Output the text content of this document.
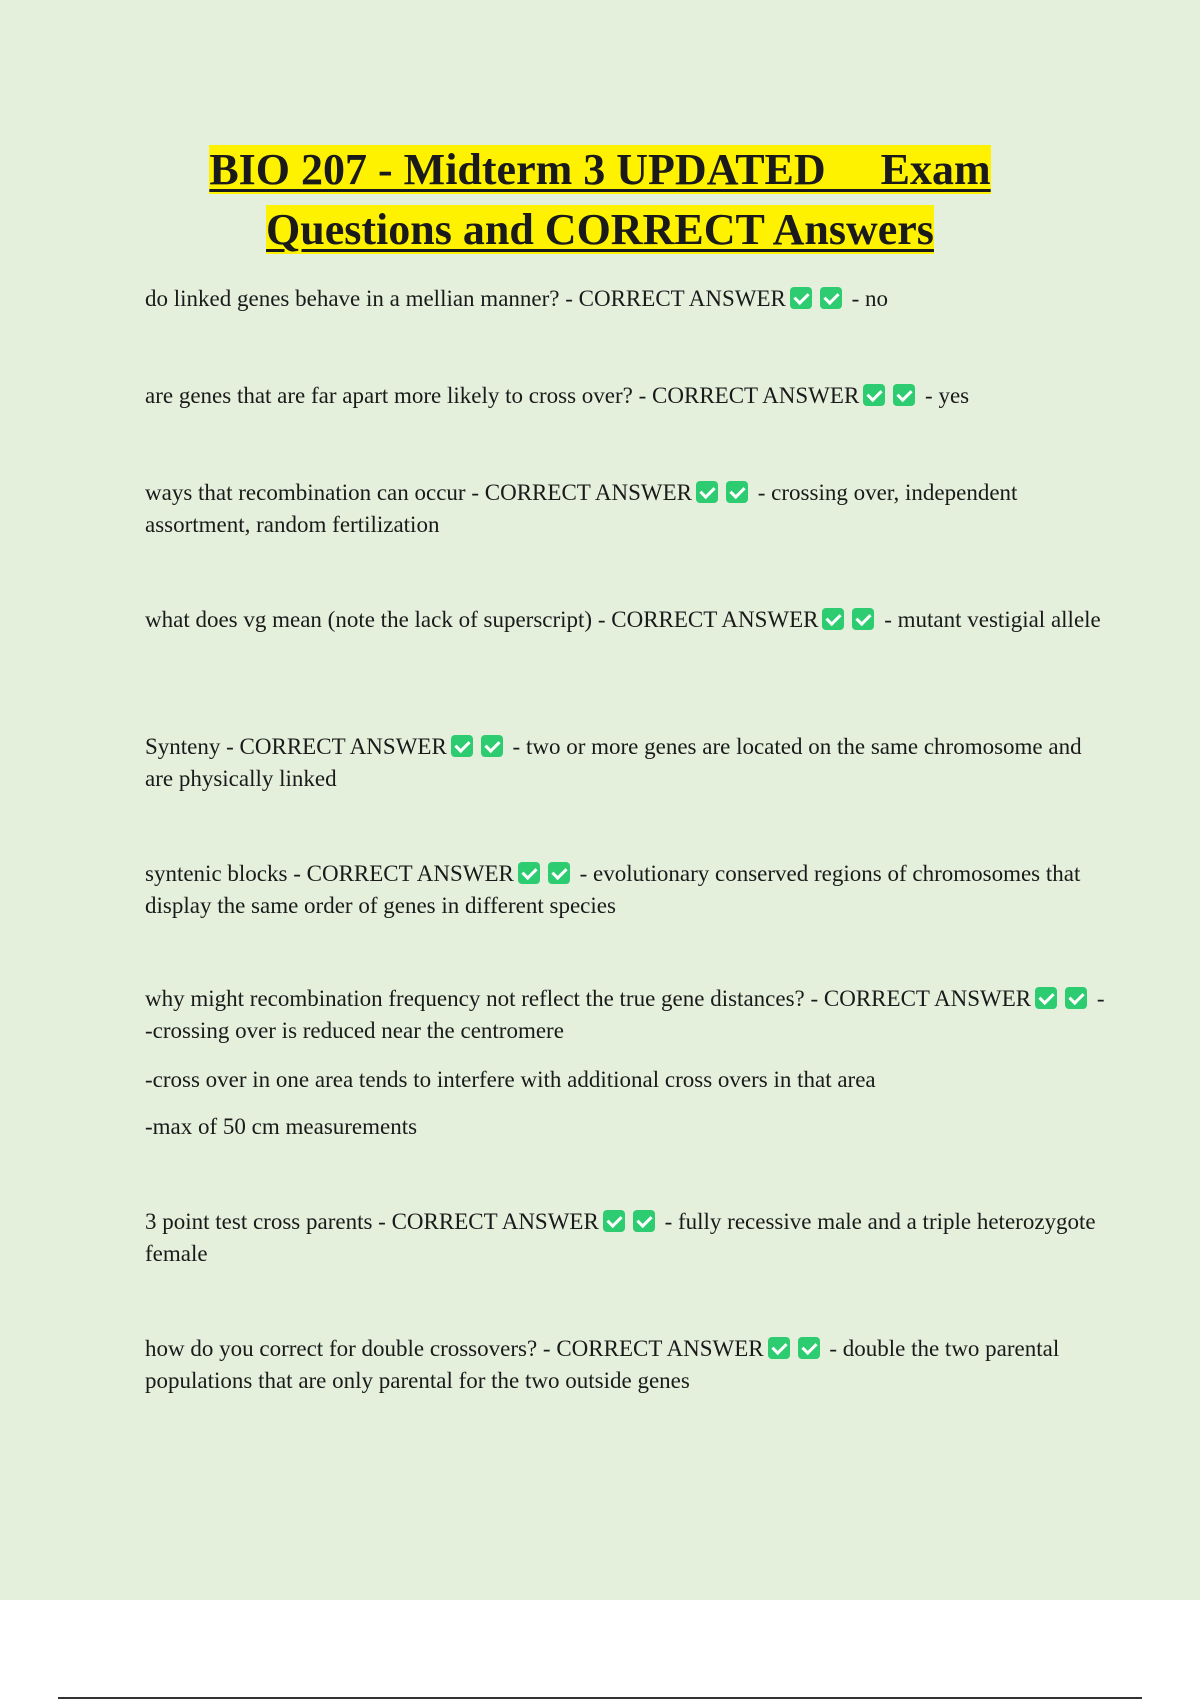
BIO 207 - Midterm 3 UPDATED     Exam
Questions and CORRECT Answers

do linked genes behave in a mellian manner? - CORRECT ANSWER	- no

are genes that are far apart more likely to cross over? - CORRECT ANSWER	- yes

ways that recombination can occur - CORRECT ANSWER	- crossing over, independent assortment, random fertilization

what does vg mean (note the lack of superscript) - CORRECT ANSWER	- mutant vestigial allele

Synteny - CORRECT ANSWER	- two or more genes are located on the same chromosome and are physically linked

syntenic blocks - CORRECT ANSWER	- evolutionary conserved regions of chromosomes that display the same order of genes in different species

why might recombination frequency not reflect the true gene distances? - CORRECT ANSWER	- -crossing over is reduced near the centromere

-cross over in one area tends to interfere with additional cross overs in that area

-max of 50 cm measurements

3 point test cross parents - CORRECT ANSWER	- fully recessive male and a triple heterozygote female

how do you correct for double crossovers? - CORRECT ANSWER	- double the two parental populations that are only parental for the two outside genes
